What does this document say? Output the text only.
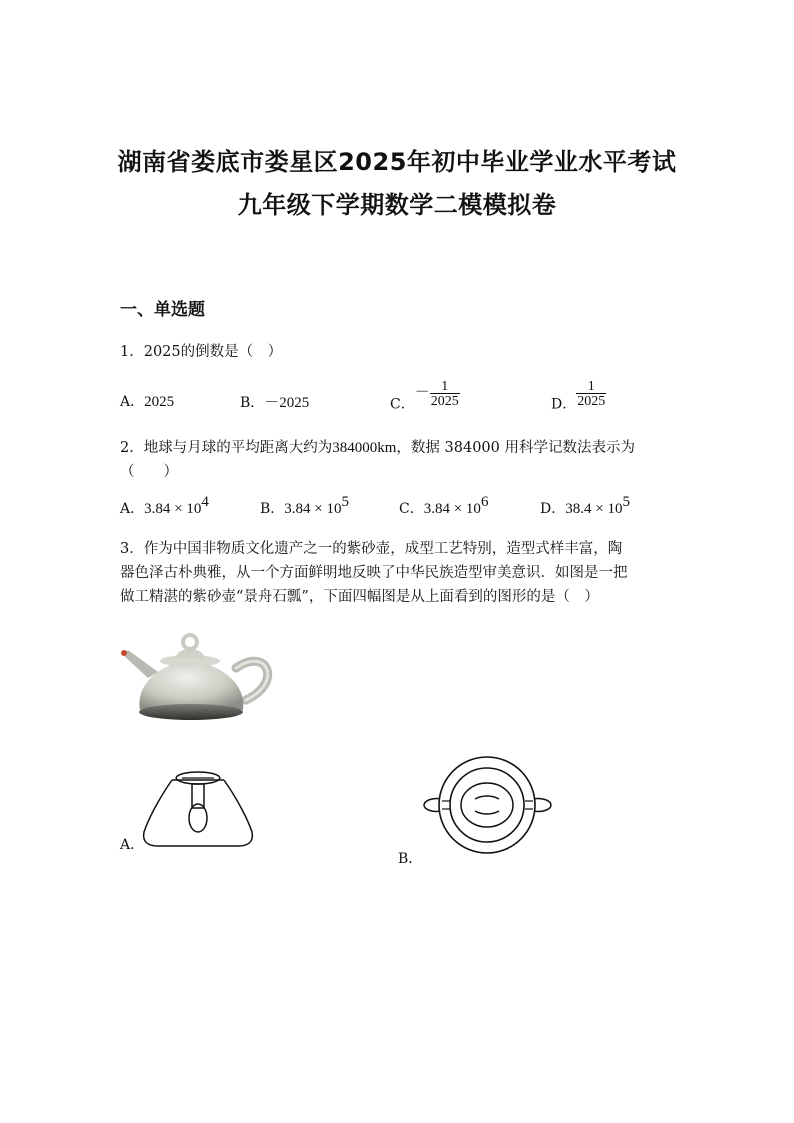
湖南省娄底市娄星区2025年初中毕业学业水平考试
九年级下学期数学二模模拟卷
一、单选题
1．2025的倒数是（　）
A．2025	B．－2025	C．－ $\frac{1}{2025}$	D． $\frac{1}{2025}$
2．地球与月球的平均距离大约为384000km，数据 384000 用科学记数法表示为
（　　）
A．$3.84 \times 10^4$	B．$3.84 \times 10^5$	C．$3.84 \times 10^6$	D．$38.4 \times 10^5$
3．作为中国非物质文化遗产之一的紫砂壶，成型工艺特别，造型式样丰富，陶
器色泽古朴典雅，从一个方面鲜明地反映了中华民族造型审美意识．如图是一把
做工精湛的紫砂壶“景舟石瓢”，下面四幅图是从上面看到的图形的是（　）
A．
B．
